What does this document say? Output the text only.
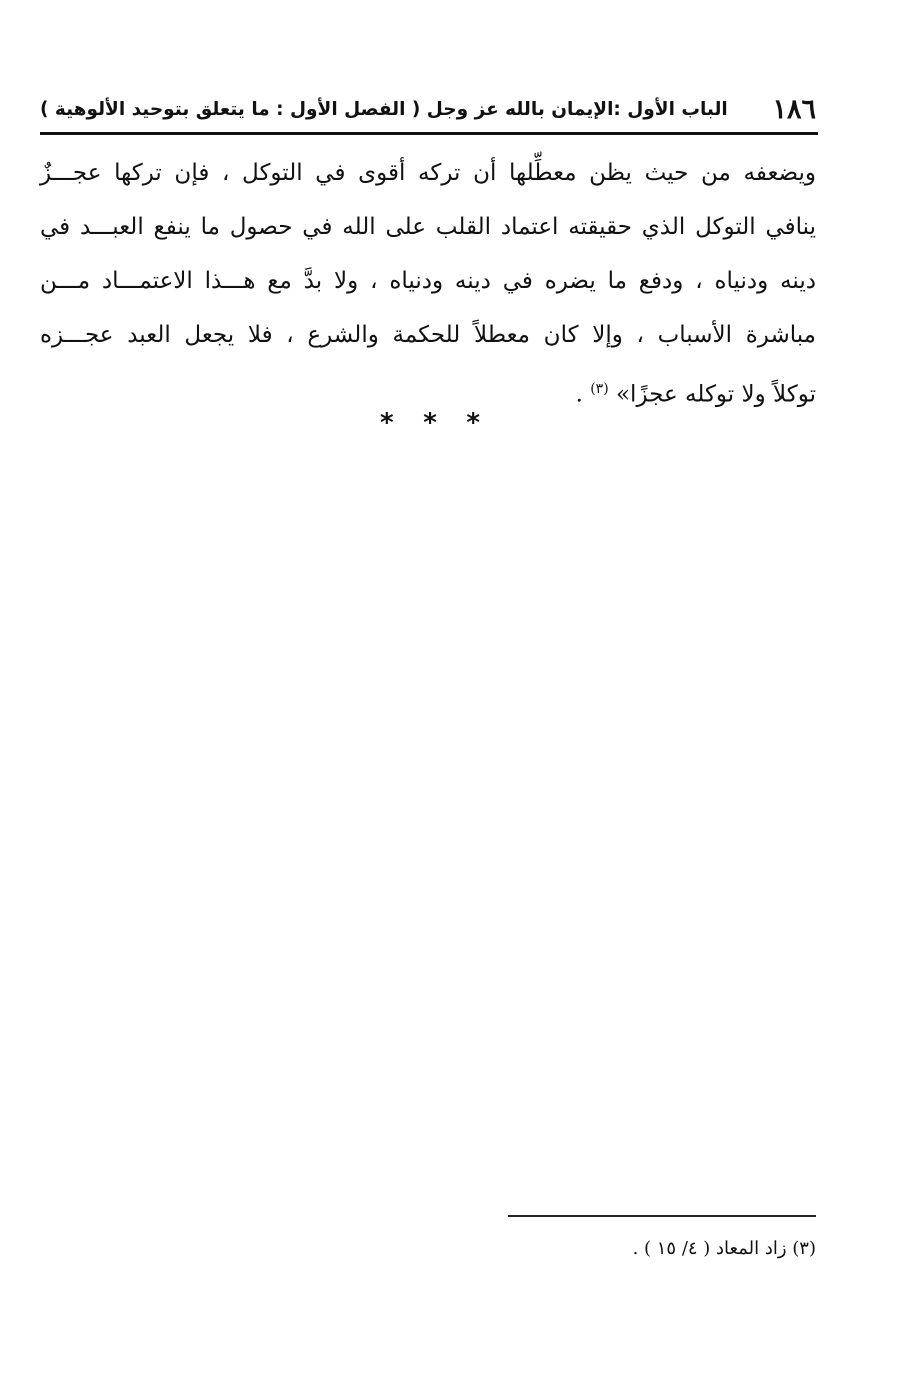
١٨٦
الباب الأول :الإيمان بالله عز وجل ( الفصل الأول : ما يتعلق بتوحيد الألوهية )
ويضعفه من حيث يظن معطِّلها أن تركه أقوى في التوكل ، فإن تركها عجـــزٌ
ينافي التوكل الذي حقيقته اعتماد القلب على الله في حصول ما ينفع العبـــد في
دينه ودنياه ، ودفع ما يضره في دينه ودنياه ، ولا بدَّ مع هـــذا الاعتمـــاد مـــن
مباشرة الأسباب ، وإلا كان معطلاً للحكمة والشرع ، فلا يجعل العبد عجـــزه
توكلاً ولا توكله عجزًا» $^{(٣)}$ .
* * *
(٣) زاد المعاد ( ٤/ ١٥ ) .
